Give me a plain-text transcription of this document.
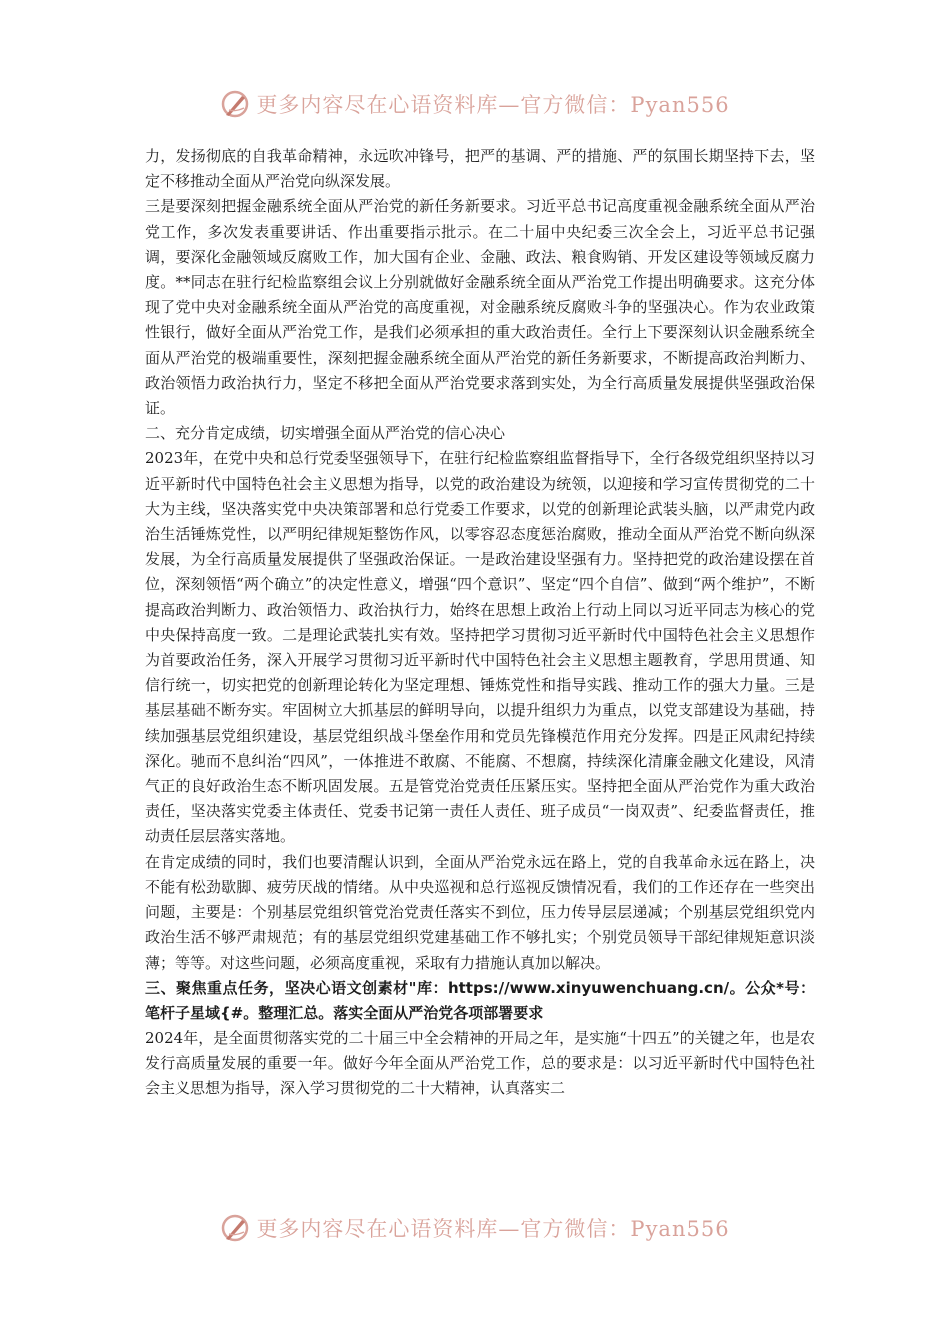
更多内容尽在心语资料库—官方微信：Pyan556

力，发扬彻底的自我革命精神，永远吹冲锋号，把严的基调、严的措施、严的氛围长期坚持下去，坚定不移推动全面从严治党向纵深发展。

三是要深刻把握金融系统全面从严治党的新任务新要求。习近平总书记高度重视金融系统全面从严治党工作，多次发表重要讲话、作出重要指示批示。在二十届中央纪委三次全会上，习近平总书记强调，要深化金融领域反腐败工作，加大国有企业、金融、政法、粮食购销、开发区建设等领域反腐力度。**同志在驻行纪检监察组会议上分别就做好金融系统全面从严治党工作提出明确要求。这充分体现了党中央对金融系统全面从严治党的高度重视，对金融系统反腐败斗争的坚强决心。作为农业政策性银行，做好全面从严治党工作，是我们必须承担的重大政治责任。全行上下要深刻认识金融系统全面从严治党的极端重要性，深刻把握金融系统全面从严治党的新任务新要求，不断提高政治判断力、政治领悟力政治执行力，坚定不移把全面从严治党要求落到实处，为全行高质量发展提供坚强政治保证。

二、充分肯定成绩，切实增强全面从严治党的信心决心

2023年，在党中央和总行党委坚强领导下，在驻行纪检监察组监督指导下，全行各级党组织坚持以习近平新时代中国特色社会主义思想为指导，以党的政治建设为统领，以迎接和学习宣传贯彻党的二十大为主线，坚决落实党中央决策部署和总行党委工作要求，以党的创新理论武装头脑，以严肃党内政治生活锤炼党性，以严明纪律规矩整饬作风，以零容忍态度惩治腐败，推动全面从严治党不断向纵深发展，为全行高质量发展提供了坚强政治保证。一是政治建设坚强有力。坚持把党的政治建设摆在首位，深刻领悟“两个确立”的决定性意义，增强“四个意识”、坚定“四个自信”、做到“两个维护”，不断提高政治判断力、政治领悟力、政治执行力，始终在思想上政治上行动上同以习近平同志为核心的党中央保持高度一致。二是理论武装扎实有效。坚持把学习贯彻习近平新时代中国特色社会主义思想作为首要政治任务，深入开展学习贯彻习近平新时代中国特色社会主义思想主题教育，学思用贯通、知信行统一，切实把党的创新理论转化为坚定理想、锤炼党性和指导实践、推动工作的强大力量。三是基层基础不断夯实。牢固树立大抓基层的鲜明导向，以提升组织力为重点，以党支部建设为基础，持续加强基层党组织建设，基层党组织战斗堡垒作用和党员先锋模范作用充分发挥。四是正风肃纪持续深化。驰而不息纠治“四风”，一体推进不敢腐、不能腐、不想腐，持续深化清廉金融文化建设，风清气正的良好政治生态不断巩固发展。五是管党治党责任压紧压实。坚持把全面从严治党作为重大政治责任，坚决落实党委主体责任、党委书记第一责任人责任、班子成员“一岗双责”、纪委监督责任，推动责任层层落实落地。

在肯定成绩的同时，我们也要清醒认识到，全面从严治党永远在路上，党的自我革命永远在路上，决不能有松劲歇脚、疲劳厌战的情绪。从中央巡视和总行巡视反馈情况看，我们的工作还存在一些突出问题，主要是：个别基层党组织管党治党责任落实不到位，压力传导层层递减；个别基层党组织党内政治生活不够严肃规范；有的基层党组织党建基础工作不够扎实；个别党员领导干部纪律规矩意识淡薄；等等。对这些问题，必须高度重视，采取有力措施认真加以解决。

三、聚焦重点任务，坚决心语文创素材"库：https://www.xinyuwenchuang.cn/。公众*号：笔杆子星域{#。整理汇总。落实全面从严治党各项部署要求

2024年，是全面贯彻落实党的二十届三中全会精神的开局之年，是实施“十四五”的关键之年，也是农发行高质量发展的重要一年。做好今年全面从严治党工作，总的要求是：以习近平新时代中国特色社会主义思想为指导，深入学习贯彻党的二十大精神，认真落实二

更多内容尽在心语资料库—官方微信：Pyan556
